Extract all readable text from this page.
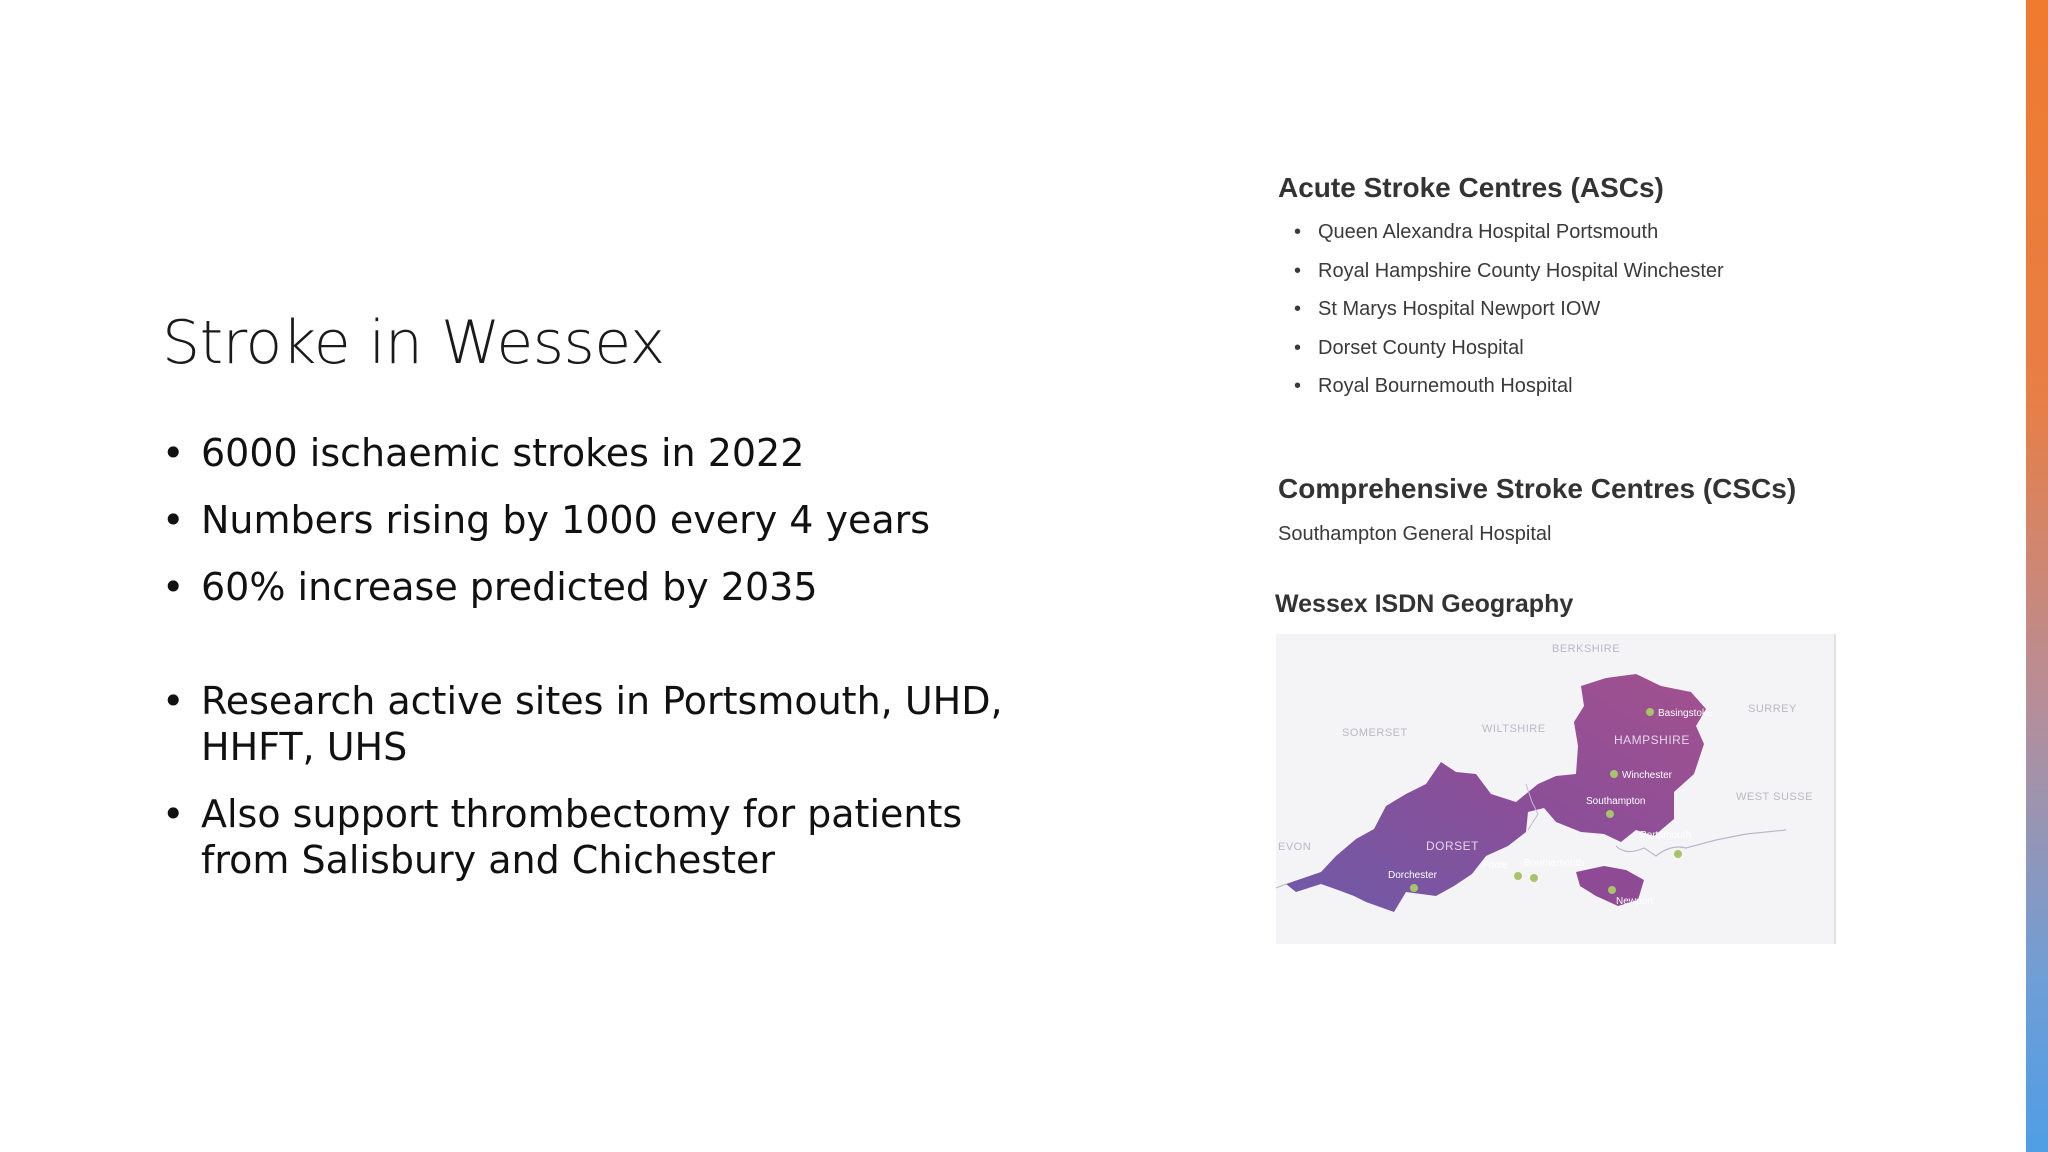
Stroke in Wessex
• 6000 ischaemic strokes in 2022
• Numbers rising by 1000 every 4 years
• 60% increase predicted by 2035
• Research active sites in Portsmouth, UHD, HHFT, UHS
• Also support thrombectomy for patients from Salisbury and Chichester
Acute Stroke Centres (ASCs)
• Queen Alexandra Hospital Portsmouth
• Royal Hampshire County Hospital Winchester
• St Marys Hospital Newport IOW
• Dorset County Hospital
• Royal Bournemouth Hospital
Comprehensive Stroke Centres (CSCs)
Southampton General Hospital
Wessex ISDN Geography
BERKSHIRE
SURREY
SOMERSET	WILTSHIRE
WEST SUSSE
EVON
HAMPSHIRE
DORSET
Basingstoke
Winchester
Southampton
Portsmouth
Poole Bournemouth
Dorchester
Newport
